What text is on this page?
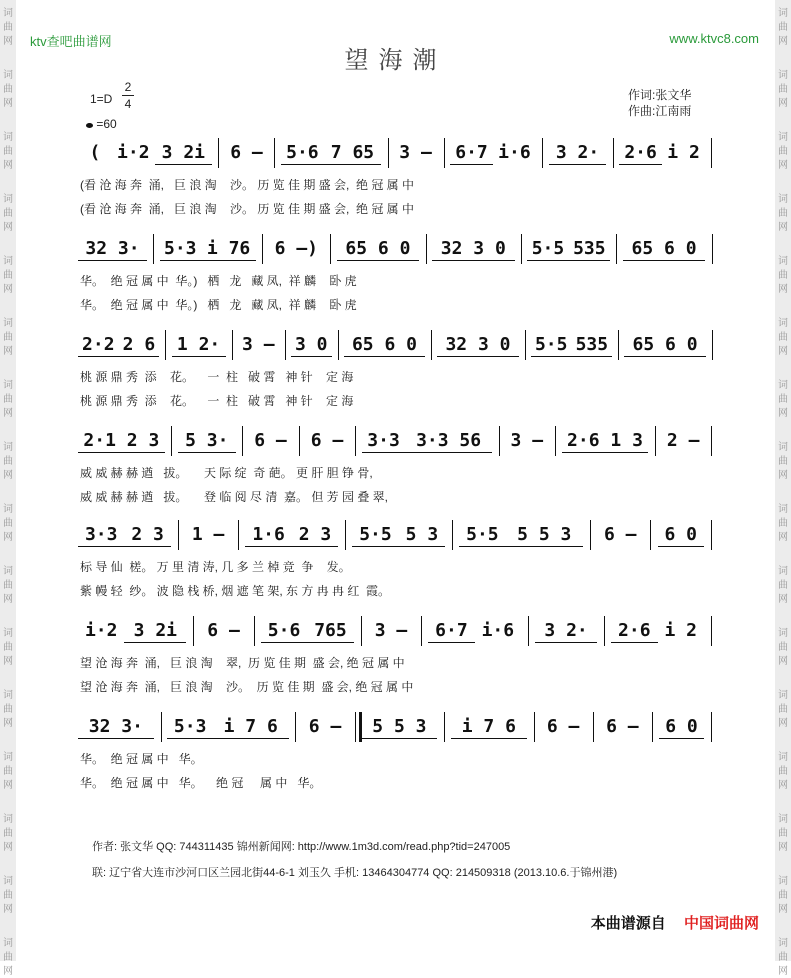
词
曲
网
词
曲
网
词
曲
网
词
曲
网
词
曲
网
词
曲
网
词
曲
网
词
曲
网
词
曲
网
词
曲
网
词
曲
网
词
曲
网
词
曲
网
词
曲
网
词
曲
网
词
曲
网
词
曲
网
词
曲
网
词
曲
网
词
曲
网
词
曲
网
词
曲
网
词
曲
网
词
曲
网
词
曲
网
词
曲
网
词
曲
网
词
曲
网
词
曲
网
词
曲
网
词
曲
网
词
曲
网
ktv查吧曲谱网	www.ktvc8.com
望海潮
1=D
2
4
=60
作词:张文华
作曲:江南雨
( i·2 3 2i	6 – 5·6 7 65	3 – 6·7 i·6	3 2·	2·6 i 2
(看 沧 海 奔  涌,   巨 浪 淘    沙。 历 览 佳 期 盛 会,  绝 冠 属 中
(看 沧 海 奔  涌,   巨 浪 淘    沙。 历 览 佳 期 盛 会,  绝 冠 属 中
32 3·	5·3 i 76	6 –)	65 6 0	32 3 0	5·5 535	65 6 0
华。  绝 冠 属 中  华。)   栖   龙   藏 凤,  祥 麟    卧 虎
华。  绝 冠 属 中  华。)   栖   龙   藏 凤,  祥 麟    卧 虎
2·2 2 6 1 2· 3 – 3 0	65 6 0	32 3 0	5·5 535	65 6 0
桃 源 鼎 秀  添    花。    一  柱   破 霄   神 针    定 海
桃 源 鼎 秀  添    花。    一  柱   破 霄   神 针    定 海
2·1 2 3	5 3·	6 –	6 –	3·3 3·3 56	3 –	2·6 1 3	2 –
威 威 赫 赫 遒   拔。     天 际 绽  奇 葩。 更 肝 胆 铮 骨,
威 威 赫 赫 遒   拔。     登 临 阅 尽 清  嘉。 但 芳 园 叠 翠,
3·3 2 3	1 –	1·6 2 3	5·5 5 3	5·5	5 5 3	6 –	6 0
标 导 仙  槎。 万 里 清 涛, 几 多 兰 棹 竞  争    发。
紫 幔 轻  纱。 波 隐 栈 桥, 烟 遮 笔 架, 东 方 冉 冉 红  霞。
i·2 3 2i	6 –	5·6 765	3 –	6·7 i·6	3 2·	2·6 i 2
望 沧 海 奔  涌,   巨 浪 淘    翠,  历 览 佳 期  盛 会, 绝 冠 属 中
望 沧 海 奔  涌,   巨 浪 淘    沙。  历 览 佳 期  盛 会, 绝 冠 属 中
32 3·	5·3 i 7 6	6 –	5 5 3	i 7 6	6 –	6 –	6 0
华。  绝 冠 属 中   华。
华。  绝 冠 属 中   华。    绝 冠     属 中   华。
作者: 张文华 QQ: 744311435 锦州新闻网: http://www.1m3d.com/read.php?tid=247005
联: 辽宁省大连市沙河口区兰园北街44-6-1 刘玉久 手机: 13464304774 QQ: 214509318 (2013.10.6.于锦州港)
本曲谱源自 中国词曲网
